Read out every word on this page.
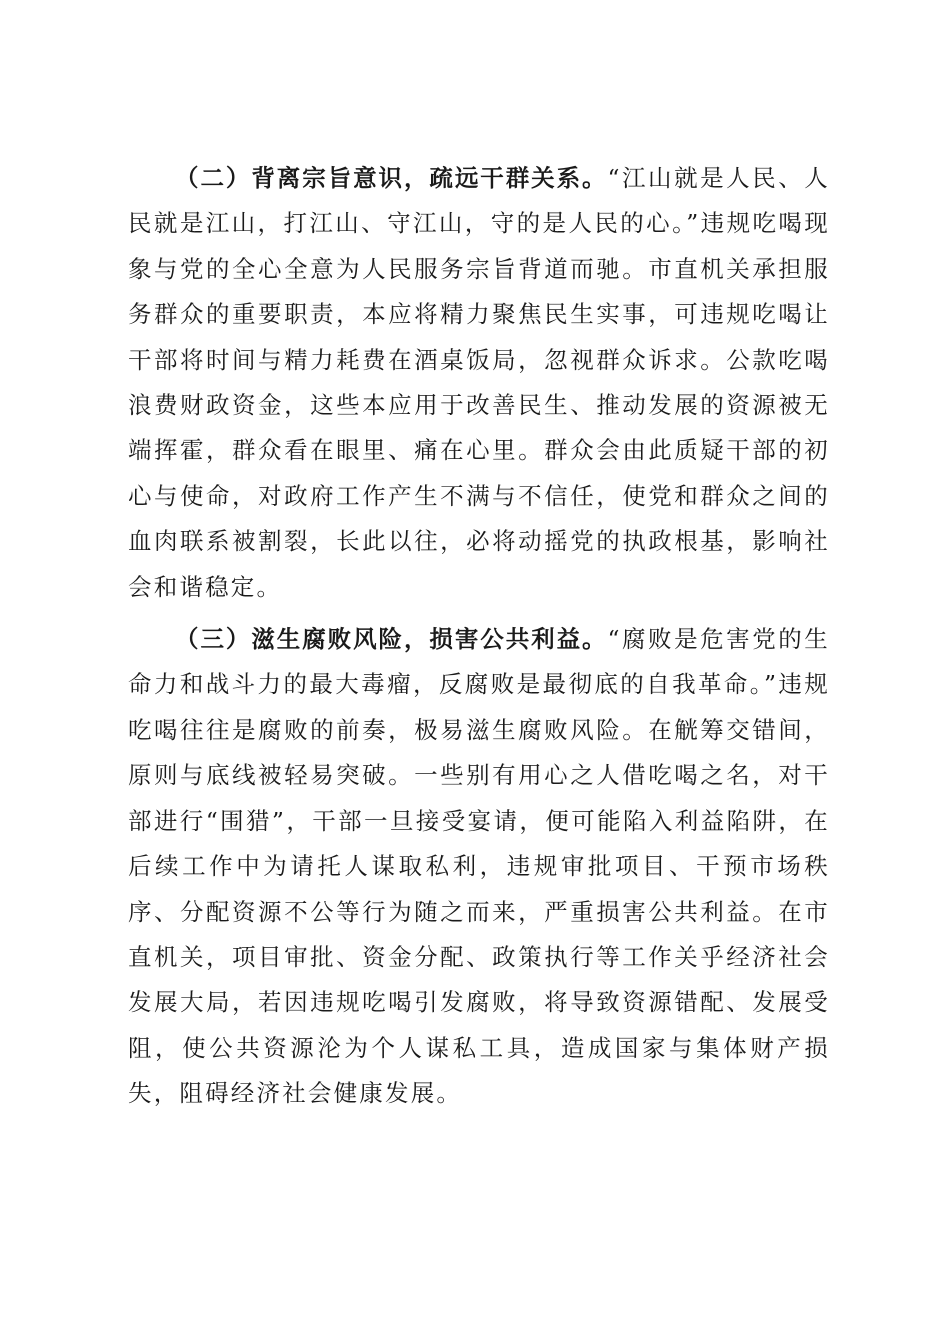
（二）背离宗旨意识，疏远干群关系。“江山就是人民、人民就是江山，打江山、守江山，守的是人民的心。”违规吃喝现象与党的全心全意为人民服务宗旨背道而驰。市直机关承担服务群众的重要职责，本应将精力聚焦民生实事，可违规吃喝让干部将时间与精力耗费在酒桌饭局，忽视群众诉求。公款吃喝浪费财政资金，这些本应用于改善民生、推动发展的资源被无端挥霍，群众看在眼里、痛在心里。群众会由此质疑干部的初心与使命，对政府工作产生不满与不信任，使党和群众之间的血肉联系被割裂，长此以往，必将动摇党的执政根基，影响社会和谐稳定。

（三）滋生腐败风险，损害公共利益。“腐败是危害党的生命力和战斗力的最大毒瘤，反腐败是最彻底的自我革命。”违规吃喝往往是腐败的前奏，极易滋生腐败风险。在觥筹交错间，原则与底线被轻易突破。一些别有用心之人借吃喝之名，对干部进行“围猎”，干部一旦接受宴请，便可能陷入利益陷阱，在后续工作中为请托人谋取私利，违规审批项目、干预市场秩序、分配资源不公等行为随之而来，严重损害公共利益。在市直机关，项目审批、资金分配、政策执行等工作关乎经济社会发展大局，若因违规吃喝引发腐败，将导致资源错配、发展受阻，使公共资源沦为个人谋私工具，造成国家与集体财产损失，阻碍经济社会健康发展。
